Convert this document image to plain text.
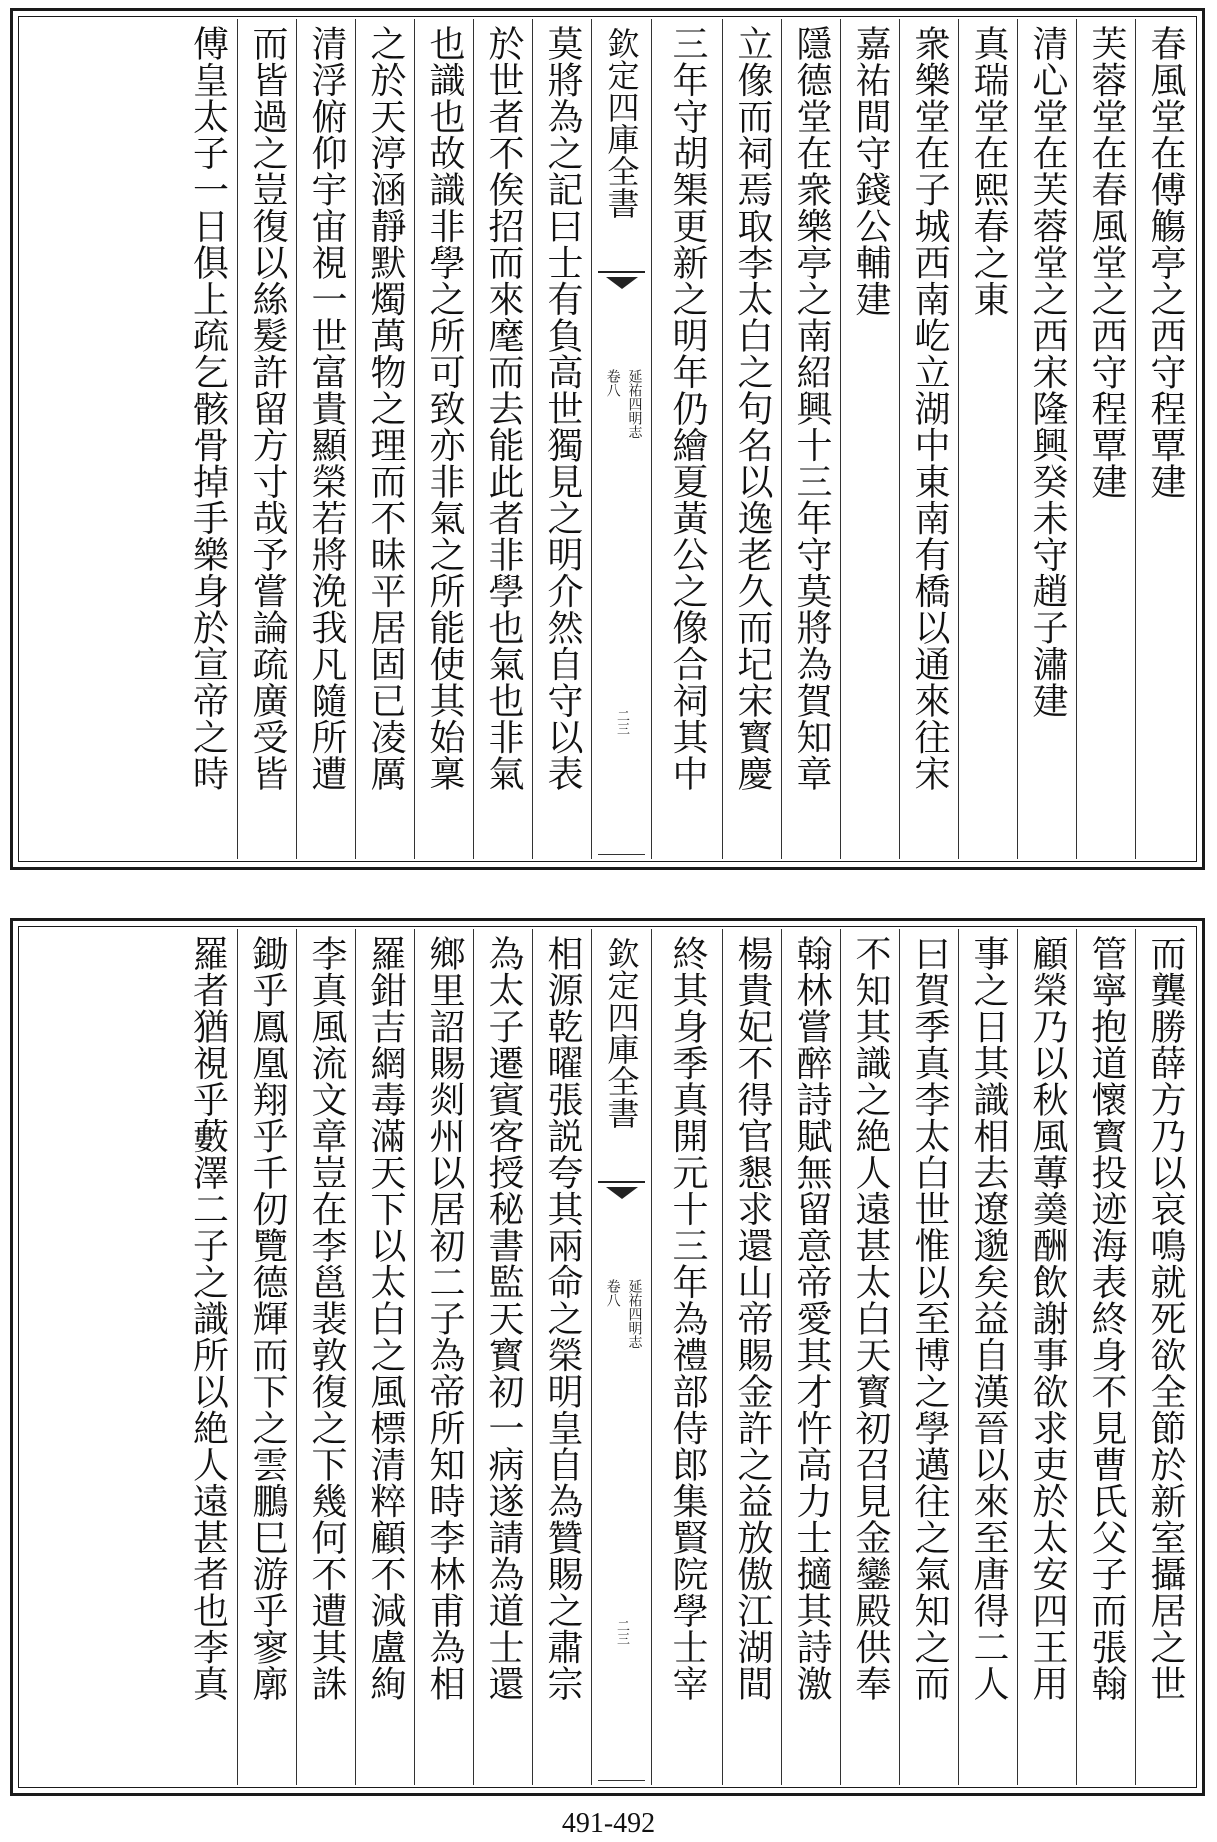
春風堂在傅觴亭之西守程覃建
芙蓉堂在春風堂之西守程覃建
清心堂在芙蓉堂之西宋隆興癸未守趙子潚建
真瑞堂在熙春之東
衆樂堂在子城西南屹立湖中東南有橋以通來往宋
嘉祐間守錢公輔建
隱德堂在衆樂亭之南紹興十三年守莫將為賀知章
立像而祠焉取李太白之句名以逸老久而圮宋寳慶
欽定四庫全書
延祐四明志
卷八
二三 三年守胡榘更新之明年仍繪夏黃公之像合祠其中
莫將為之記曰士有負高世獨見之明介然自守以表
於世者不俟招而來麾而去能此者非學也氣也非氣
也識也故識非學之所可致亦非氣之所能使其始稟
之於天渟涵靜默燭萬物之理而不昧平居固已凌厲
清浮俯仰宇宙視一世富貴顯榮若將浼我凡隨所遭
而皆過之豈復以絲髮許留方寸哉予嘗論疏廣受皆
傅皇太子一日俱上疏乞骸骨掉手樂身於宣帝之時
而龔勝薛方乃以哀鳴就死欲全節於新室攝居之世
管寧抱道懷寳投迹海表終身不見曹氏父子而張翰
顧榮乃以秋風蓴羮酬飲謝事欲求吏於太安四王用
事之日其識相去遼邈矣益自漢晉以來至唐得二人
曰賀季真李太白世惟以至博之學邁往之氣知之而
不知其識之絶人遠甚太白天寳初召見金鑾殿供奉
翰林嘗醉詩賦無留意帝愛其才忤高力士擿其詩激
楊貴妃不得官懇求還山帝賜金許之益放傲江湖間
欽定四庫全書
延祐四明志
卷八
二三 終其身季真開元十三年為禮部侍郎集賢院學士宰
相源乾曜張説夸其兩命之榮明皇自為贊賜之肅宗
為太子遷賓客授秘書監天寳初一病遂請為道士還
鄉里詔賜剡州以居初二子為帝所知時李林甫為相
羅鉗吉網毒滿天下以太白之風標清粹顧不減盧絢
李真風流文章豈在李邕裴敦復之下幾何不遭其誅
鋤乎鳳凰翔乎千仞覽德輝而下之雲鵬巳游乎寥廓
羅者猶視乎藪澤二子之識所以絶人遠甚者也李真
491-492
